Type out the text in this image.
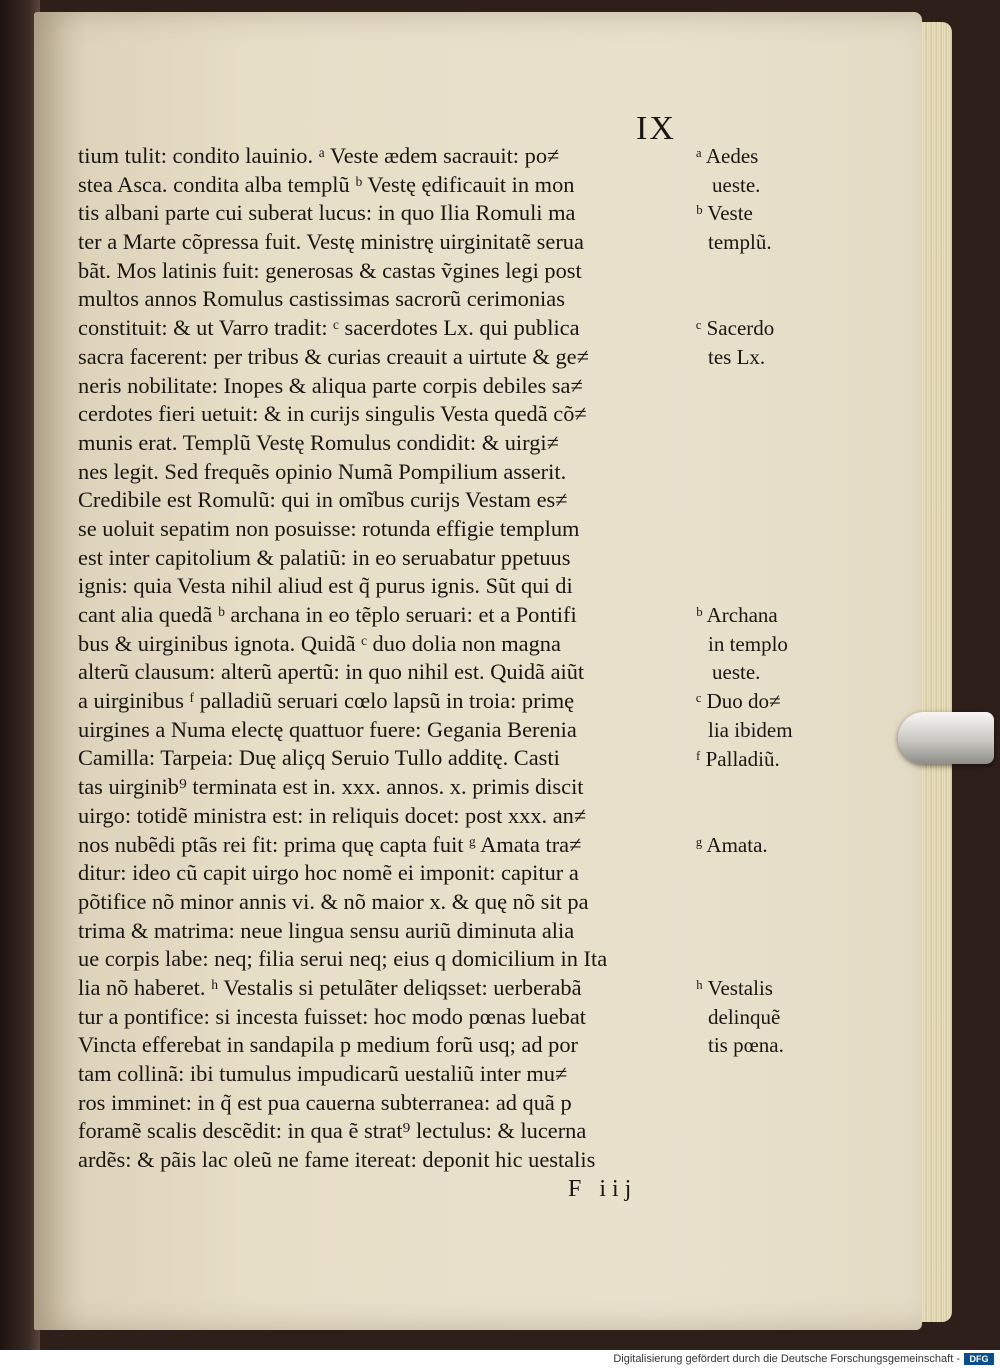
IX
tium tulit: condito lauinio. ᵃ Veste ædem sacrauit: po≠
stea Asca. condita alba templũ ᵇ Vestę ędificauit in mon
tis albani parte cui suberat lucus: in quo Ilia Romuli ma
ter a Marte cõpressa fuit. Vestę ministrę uirginitatẽ serua
bãt. Mos latinis fuit: generosas & castas ṽgines legi post
multos annos Romulus castissimas sacrorũ cerimonias
constituit: & ut Varro tradit: ᶜ sacerdotes Lx. qui publica
sacra facerent: per tribus & curias creauit a uirtute & ge≠
neris nobilitate: Inopes & aliqua parte corpis debiles sa≠
cerdotes fieri uetuit: & in curijs singulis Vesta quedã cõ≠
munis erat. Templũ Vestę Romulus condidit: & uirgi≠
nes legit. Sed frequẽs opinio Numã Pompilium asserit.
Credibile est Romulũ: qui in omĩbus curijs Vestam es≠
se uoluit sepatim non posuisse: rotunda effigie templum
est inter capitolium & palatiũ: in eo seruabatur ppetuus
ignis: quia Vesta nihil aliud est q̃ purus ignis. Sũt qui di
cant alia quedã ᵇ archana in eo tẽplo seruari: et a Pontifi
bus & uirginibus ignota. Quidã ᶜ duo dolia non magna
alterũ clausum: alterũ apertũ: in quo nihil est. Quidã aiũt
a uirginibus ᶠ palladiũ seruari cœlo lapsũ in troia: primę
uirgines a Numa electę quattuor fuere: Gegania Berenia
Camilla: Tarpeia: Duę aliçq Seruio Tullo additę. Casti
tas uirginib⁹ terminata est in. xxx. annos. x. primis discit
uirgo: totidẽ ministra est: in reliquis docet: post xxx. an≠
nos nubẽdi ptãs rei fit: prima quę capta fuit ᵍ Amata tra≠
ditur: ideo cũ capit uirgo hoc nomẽ ei imponit: capitur a
põtifice nõ minor annis vi. & nõ maior x. & quę nõ sit pa
trima & matrima: neue lingua sensu auriũ diminuta alia
ue corpis labe: neq; filia serui neq; eius q domicilium in Ita
lia nõ haberet. ʰ Vestalis si petulãter deliqsset: uerberabã
tur a pontifice: si incesta fuisset: hoc modo pœnas luebat
Vincta efferebat in sandapila p medium forũ usq; ad por
tam collinã: ibi tumulus impudicarũ uestaliũ inter mu≠
ros imminet: in q̃ est pua cauerna subterranea: ad quã p
foramẽ scalis descẽdit: in qua ẽ strat⁹ lectulus: & lucerna
ardẽs: & pãis lac oleũ ne fame itereat: deponit hic uestalis
ᵃ Aedes
ueste.
ᵇ Veste
templũ.
ᶜ Sacerdo
tes Lx.
ᵇ Archana
in templo
ueste.
ᶜ Duo do≠
lia ibidem
ᶠ Palladiũ.
ᵍ Amata.
ʰ Vestalis
delinquẽ
tis pœna.
F iij
Digitalisierung gefördert durch die Deutsche Forschungsgemeinschaft -	DFG
